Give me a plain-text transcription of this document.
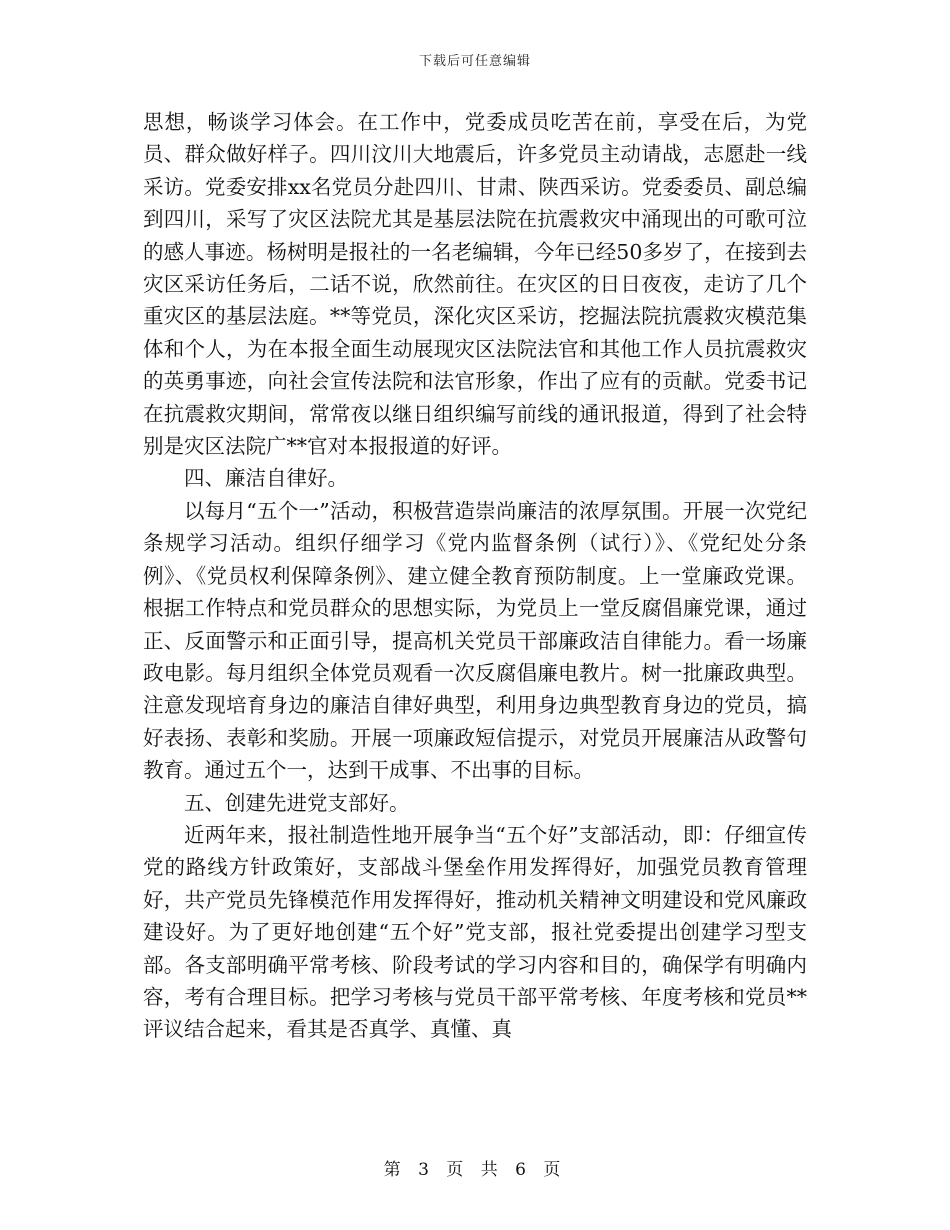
下载后可任意编辑

思想，畅谈学习体会。在工作中，党委成员吃苦在前，享受在后，为党员、群众做好样子。四川汶川大地震后，许多党员主动请战，志愿赴一线采访。党委安排xx名党员分赴四川、甘肃、陕西采访。党委委员、副总编到四川，采写了灾区法院尤其是基层法院在抗震救灾中涌现出的可歌可泣的感人事迹。杨树明是报社的一名老编辑，今年已经50多岁了，在接到去灾区采访任务后，二话不说，欣然前往。在灾区的日日夜夜，走访了几个重灾区的基层法庭。**等党员，深化灾区采访，挖掘法院抗震救灾模范集体和个人，为在本报全面生动展现灾区法院法官和其他工作人员抗震救灾的英勇事迹，向社会宣传法院和法官形象，作出了应有的贡献。党委书记在抗震救灾期间，常常夜以继日组织编写前线的通讯报道，得到了社会特别是灾区法院广**官对本报报道的好评。

四、廉洁自律好。

以每月“五个一”活动，积极营造崇尚廉洁的浓厚氛围。开展一次党纪条规学习活动。组织仔细学习《党内监督条例（试行）》、《党纪处分条例》、《党员权利保障条例》、建立健全教育预防制度。上一堂廉政党课。根据工作特点和党员群众的思想实际，为党员上一堂反腐倡廉党课，通过正、反面警示和正面引导，提高机关党员干部廉政洁自律能力。看一场廉政电影。每月组织全体党员观看一次反腐倡廉电教片。树一批廉政典型。注意发现培育身边的廉洁自律好典型，利用身边典型教育身边的党员，搞好表扬、表彰和奖励。开展一项廉政短信提示，对党员开展廉洁从政警句教育。通过五个一，达到干成事、不出事的目标。

五、创建先进党支部好。

近两年来，报社制造性地开展争当“五个好”支部活动，即：仔细宣传党的路线方针政策好，支部战斗堡垒作用发挥得好，加强党员教育管理好，共产党员先锋模范作用发挥得好，推动机关精神文明建设和党风廉政建设好。为了更好地创建“五个好”党支部，报社党委提出创建学习型支部。各支部明确平常考核、阶段考试的学习内容和目的，确保学有明确内容，考有合理目标。把学习考核与党员干部平常考核、年度考核和党员**评议结合起来，看其是否真学、真懂、真

第 3 页 共 6 页
